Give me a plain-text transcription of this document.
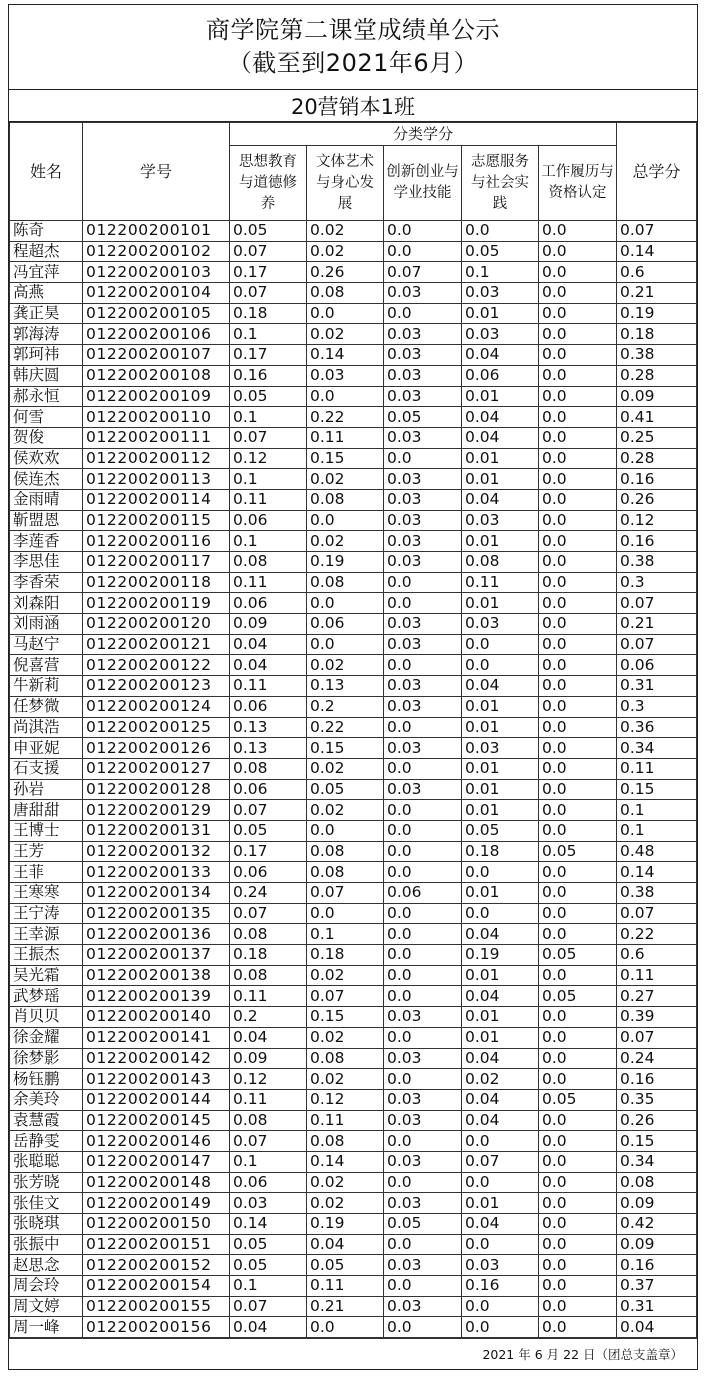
商学院第二课堂成绩单公示
（截至到2021年6月）
20营销本1班
姓名	学号	分类学分					总学分
		思想教育与道德修养	文体艺术与身心发展	创新创业与学业技能	志愿服务与社会实践	工作履历与资格认定	
陈奇	012200200101	0.05	0.02	0.0	0.0	0.0	0.07
程超杰	012200200102	0.07	0.02	0.0	0.05	0.0	0.14
冯宜萍	012200200103	0.17	0.26	0.07	0.1	0.0	0.6
高燕	012200200104	0.07	0.08	0.03	0.03	0.0	0.21
龚正昊	012200200105	0.18	0.0	0.0	0.01	0.0	0.19
郭海涛	012200200106	0.1	0.02	0.03	0.03	0.0	0.18
郭珂祎	012200200107	0.17	0.14	0.03	0.04	0.0	0.38
韩庆圆	012200200108	0.16	0.03	0.03	0.06	0.0	0.28
郝永恒	012200200109	0.05	0.0	0.03	0.01	0.0	0.09
何雪	012200200110	0.1	0.22	0.05	0.04	0.0	0.41
贺俊	012200200111	0.07	0.11	0.03	0.04	0.0	0.25
侯欢欢	012200200112	0.12	0.15	0.0	0.01	0.0	0.28
侯连杰	012200200113	0.1	0.02	0.03	0.01	0.0	0.16
金雨晴	012200200114	0.11	0.08	0.03	0.04	0.0	0.26
靳盟恩	012200200115	0.06	0.0	0.03	0.03	0.0	0.12
李莲香	012200200116	0.1	0.02	0.03	0.01	0.0	0.16
李思佳	012200200117	0.08	0.19	0.03	0.08	0.0	0.38
李香荣	012200200118	0.11	0.08	0.0	0.11	0.0	0.3
刘森阳	012200200119	0.06	0.0	0.0	0.01	0.0	0.07
刘雨涵	012200200120	0.09	0.06	0.03	0.03	0.0	0.21
马赵宁	012200200121	0.04	0.0	0.03	0.0	0.0	0.07
倪喜营	012200200122	0.04	0.02	0.0	0.0	0.0	0.06
牛新莉	012200200123	0.11	0.13	0.03	0.04	0.0	0.31
任梦微	012200200124	0.06	0.2	0.03	0.01	0.0	0.3
尚淇浩	012200200125	0.13	0.22	0.0	0.01	0.0	0.36
申亚妮	012200200126	0.13	0.15	0.03	0.03	0.0	0.34
石支援	012200200127	0.08	0.02	0.0	0.01	0.0	0.11
孙岩	012200200128	0.06	0.05	0.03	0.01	0.0	0.15
唐甜甜	012200200129	0.07	0.02	0.0	0.01	0.0	0.1
王博士	012200200131	0.05	0.0	0.0	0.05	0.0	0.1
王芳	012200200132	0.17	0.08	0.0	0.18	0.05	0.48
王菲	012200200133	0.06	0.08	0.0	0.0	0.0	0.14
王寒寒	012200200134	0.24	0.07	0.06	0.01	0.0	0.38
王宁涛	012200200135	0.07	0.0	0.0	0.0	0.0	0.07
王幸源	012200200136	0.08	0.1	0.0	0.04	0.0	0.22
王振杰	012200200137	0.18	0.18	0.0	0.19	0.05	0.6
吴光霜	012200200138	0.08	0.02	0.0	0.01	0.0	0.11
武梦瑶	012200200139	0.11	0.07	0.0	0.04	0.05	0.27
肖贝贝	012200200140	0.2	0.15	0.03	0.01	0.0	0.39
徐金耀	012200200141	0.04	0.02	0.0	0.01	0.0	0.07
徐梦影	012200200142	0.09	0.08	0.03	0.04	0.0	0.24
杨钰鹏	012200200143	0.12	0.02	0.0	0.02	0.0	0.16
余美玲	012200200144	0.11	0.12	0.03	0.04	0.05	0.35
袁慧霞	012200200145	0.08	0.11	0.03	0.04	0.0	0.26
岳静雯	012200200146	0.07	0.08	0.0	0.0	0.0	0.15
张聪聪	012200200147	0.1	0.14	0.03	0.07	0.0	0.34
张芳晓	012200200148	0.06	0.02	0.0	0.0	0.0	0.08
张佳文	012200200149	0.03	0.02	0.03	0.01	0.0	0.09
张晓琪	012200200150	0.14	0.19	0.05	0.04	0.0	0.42
张振中	012200200151	0.05	0.04	0.0	0.0	0.0	0.09
赵思念	012200200152	0.05	0.05	0.03	0.03	0.0	0.16
周会玲	012200200154	0.1	0.11	0.0	0.16	0.0	0.37
周文婷	012200200155	0.07	0.21	0.03	0.0	0.0	0.31
周一峰	012200200156	0.04	0.0	0.0	0.0	0.0	0.04
2021 年 6 月 22 日（团总支盖章）
